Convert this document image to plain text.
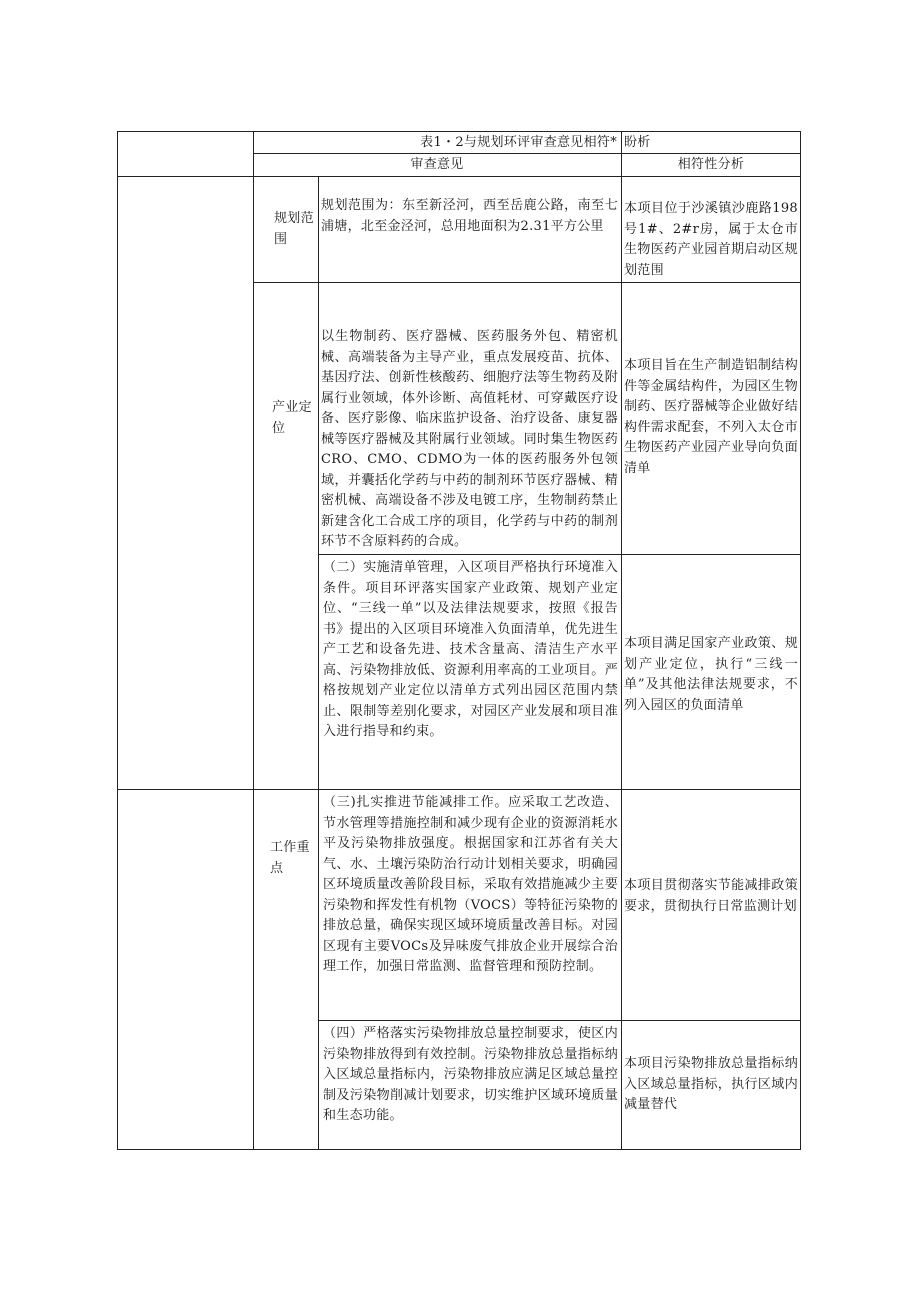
表1・2与规划环评审查意见相符* 盼析
审查意见	相符性分析
规划范围
规划范围为：东至新泾河，西至岳鹿公路，南至七浦塘，北至金泾河，总用地面积为2.31平方公里
本项目位于沙溪镇沙鹿路198号1#、2#r房，属于太仓市生物医药产业园首期启动区规划范围
产业定位
以生物制药、医疗器械、医药服务外包、精密机械、高端装备为主导产业，重点发展疫苗、抗体、基因疗法、创新性核酸药、细胞疗法等生物药及附属行业领域，体外诊断、高值耗材、可穿戴医疗设备、医疗影像、临床监护设备、治疗设备、康复器械等医疗器械及其附属行业领域。同时集生物医药CRO、CMO、CDMO为一体的医药服务外包领域，并囊括化学药与中药的制剂环节医疗器械、精密机械、高端设备不涉及电镀工序，生物制药禁止新建含化工合成工序的项目，化学药与中药的制剂环节不含原料药的合成。
本项目旨在生产制造铝制结构件等金属结构件，为园区生物制药、医疗器械等企业做好结构件需求配套，不列入太仓市生物医药产业园产业导向负面清单
（二）实施清单管理，入区项目严格执行环境准入条件。项目环评落实国家产业政策、规划产业定位、“三线一单”以及法律法规要求，按照《报告书》提出的入区项目环境准入负面清单，优先进生产工艺和设备先进、技术含量高、清洁生产水平高、污染物排放低、资源利用率高的工业项目。严格按规划产业定位以清单方式列出园区范围内禁止、限制等差别化要求，对园区产业发展和项目准入进行指导和约束。
本项目满足国家产业政策、规划产业定位，执行“三线一单”及其他法律法规要求，不列入园区的负面清单
工作重点
（三)扎实推进节能减排工作。应采取工艺改造、节水管理等措施控制和减少现有企业的资源消耗水平及污染物排放强度。根据国家和江苏省有关大气、水、土壤污染防治行动计划相关要求，明确园区环境质量改善阶段目标，采取有效措施减少主要污染物和挥发性有机物（VOCS）等特征污染物的排放总量，确保实现区域环境质量改善目标。对园区现有主要VOCs及异味废气排放企业开展综合治理工作，加强日常监测、监督管理和预防控制。
本项目贯彻落实节能减排政策要求，贯彻执行日常监测计划
（四）严格落实污染物排放总量控制要求，使区内污染物排放得到有效控制。污染物排放总量指标纳入区域总量指标内，污染物排放应满足区域总量控制及污染物削减计划要求，切实维护区域环境质量和生态功能。
本项目污染物排放总量指标纳入区域总量指标，执行区域内减量替代
